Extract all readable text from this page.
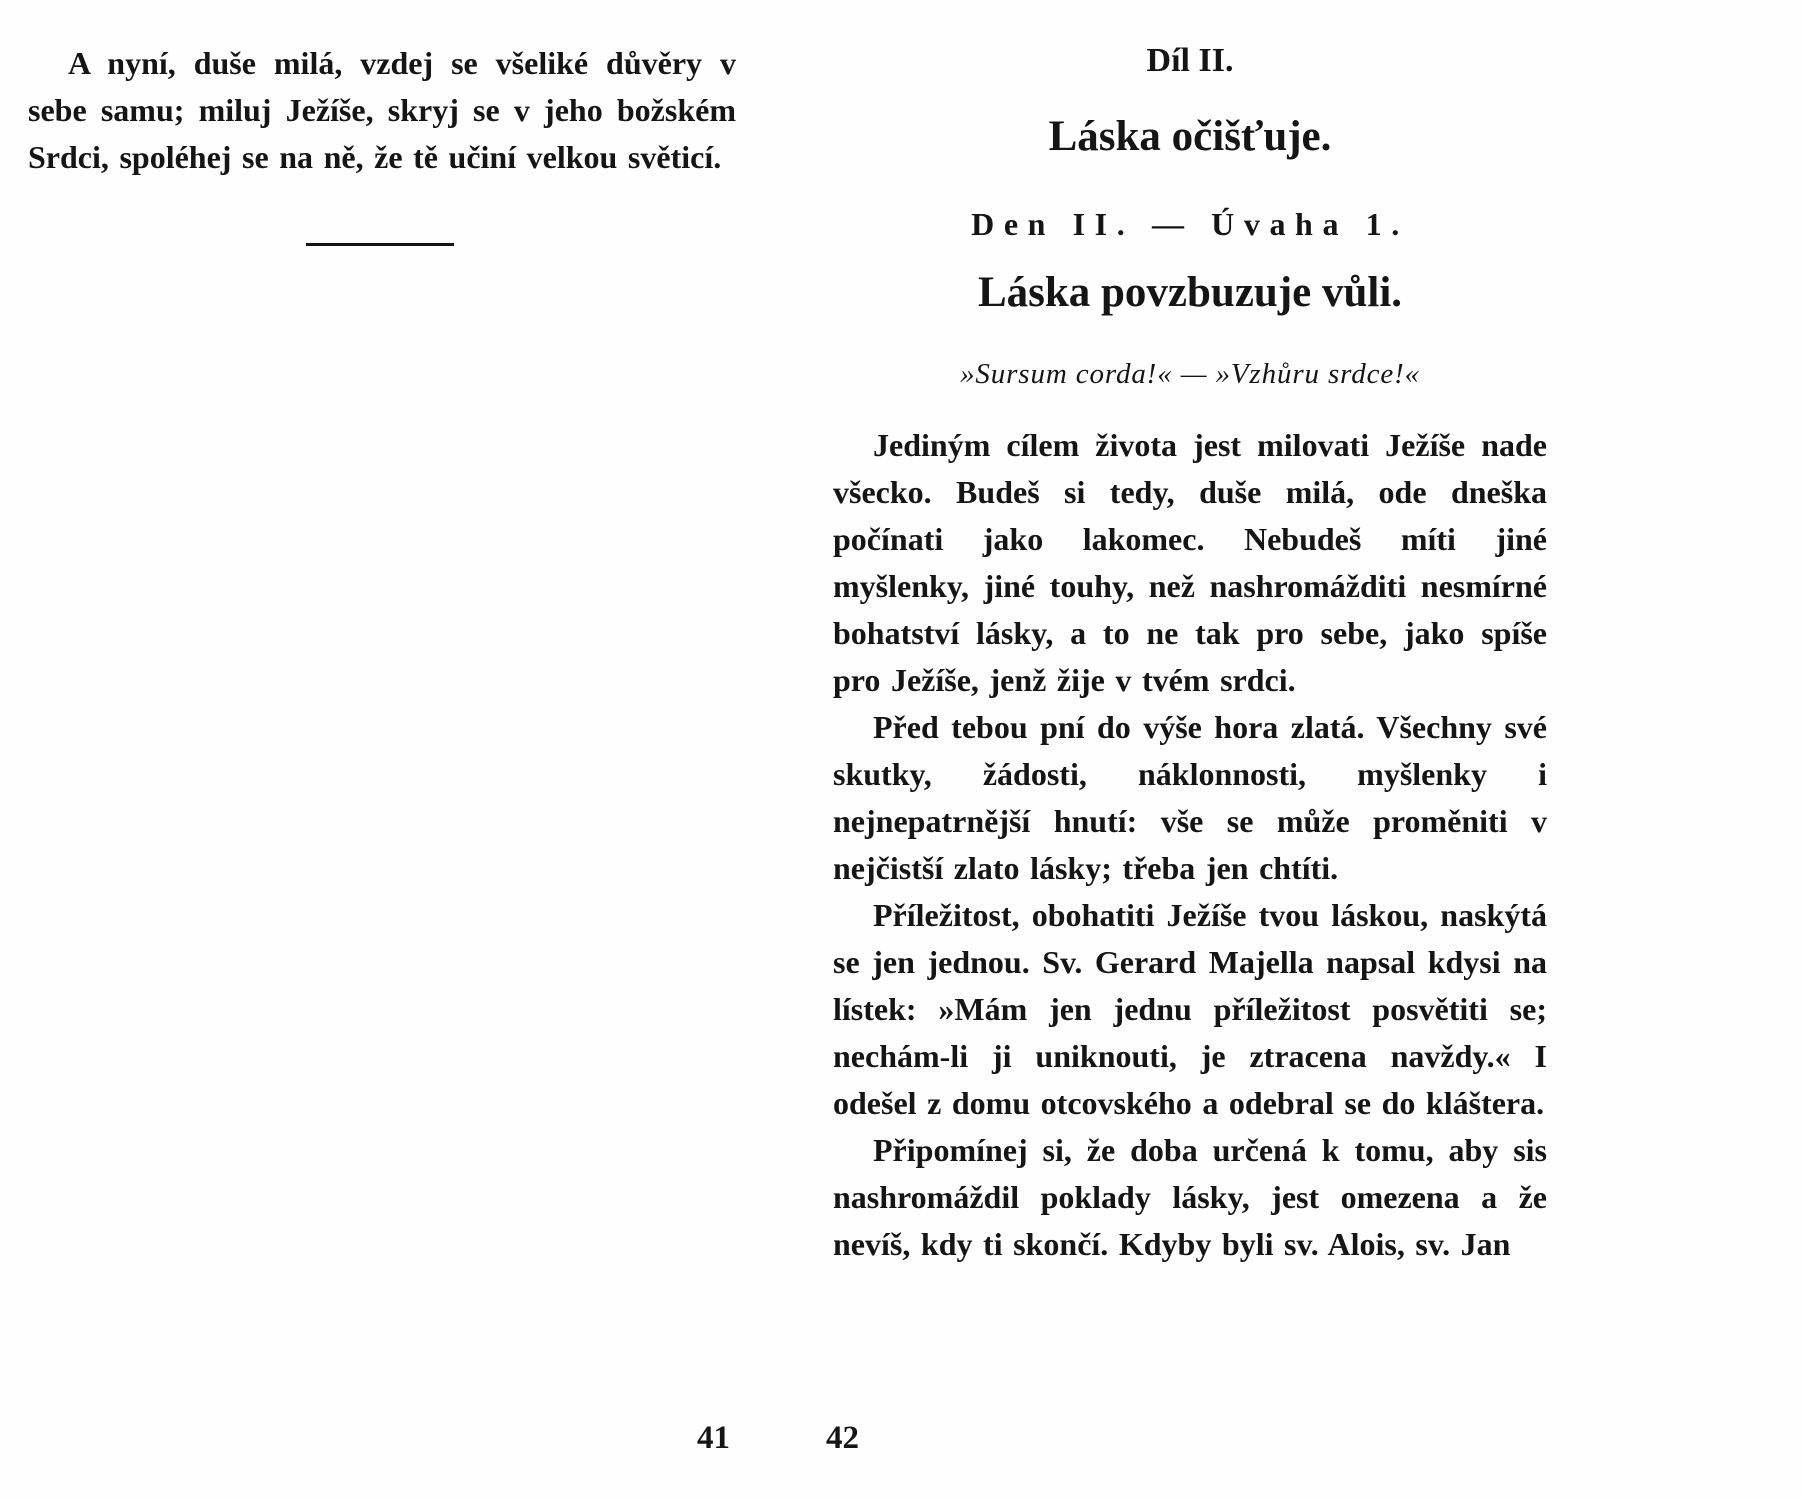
A nyní, duše milá, vzdej se všeliké důvěry v sebe samu; miluj Ježíše, skryj se v jeho božském Srdci, spoléhej se na ně, že tě učiní velkou světicí.

Díl II.
Láska očišťuje.
Den II. — Úvaha 1.
Láska povzbuzuje vůli.

»Sursum corda!« — »Vzhůru srdce!«

Jediným cílem života jest milovati Ježíše nade všecko. Budeš si tedy, duše milá, ode dneška počínati jako lakomec. Nebudeš míti jiné myšlenky, jiné touhy, než nashromážditi nesmírné bohatství lásky, a to ne tak pro sebe, jako spíše pro Ježíše, jenž žije v tvém srdci.

Před tebou pní do výše hora zlatá. Všechny své skutky, žádosti, náklonnosti, myšlenky i nejnepatrnější hnutí: vše se může proměniti v nejčistší zlato lásky; třeba jen chtíti.

Příležitost, obohatiti Ježíše tvou láskou, naskýtá se jen jednou. Sv. Gerard Majella napsal kdysi na lístek: »Mám jen jednu příležitost posvětiti se; nechám-li ji uniknouti, je ztracena navždy.« I odešel z domu otcovského a odebral se do kláštera.

Připomínej si, že doba určená k tomu, aby sis nashromáždil poklady lásky, jest omezena a že nevíš, kdy ti skončí. Kdyby byli sv. Alois, sv. Jan

41	42
